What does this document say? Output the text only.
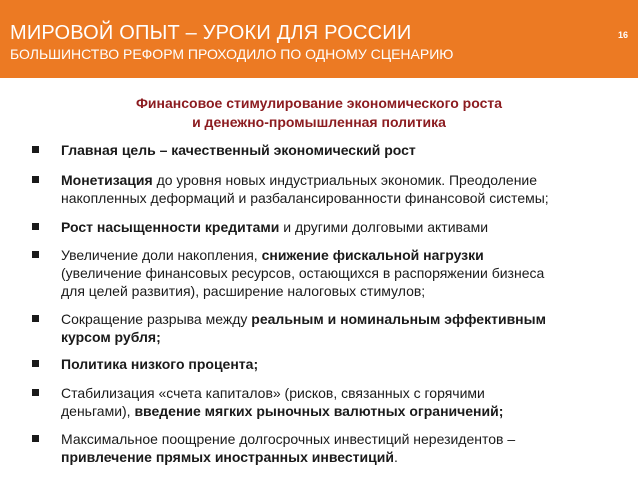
МИРОВОЙ ОПЫТ – УРОКИ ДЛЯ РОССИИ
БОЛЬШИНСТВО РЕФОРМ ПРОХОДИЛО ПО ОДНОМУ СЦЕНАРИЮ
16
Финансовое стимулирование экономического роста
и денежно-промышленная политика
Главная цель – качественный экономический рост
Монетизация до уровня новых индустриальных экономик. Преодоление
накопленных деформаций и разбалансированности финансовой системы;
Рост насыщенности кредитами и другими долговыми активами
Увеличение доли накопления, снижение фискальной нагрузки
(увеличение финансовых ресурсов, остающихся в распоряжении бизнеса
для целей развития), расширение налоговых стимулов;
Сокращение разрыва между реальным и номинальным эффективным
курсом рубля;
Политика низкого процента;
Стабилизация «счета капиталов» (рисков, связанных с горячими
деньгами), введение мягких рыночных валютных ограничений;
Максимальное поощрение долгосрочных инвестиций нерезидентов –
привлечение прямых иностранных инвестиций.
